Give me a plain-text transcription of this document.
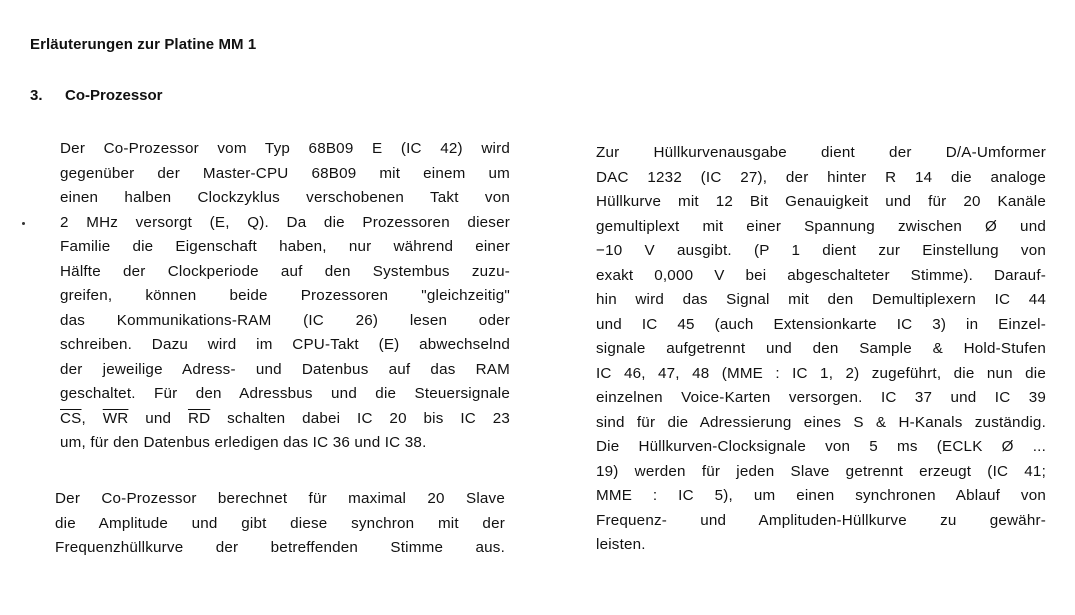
Erläuterungen zur Platine MM 1
3. Co-Prozessor
Der Co-Prozessor vom Typ 68B09 E (IC 42) wird
gegenüber der Master-CPU 68B09 mit einem um
einen halben Clockzyklus verschobenen Takt von
2 MHz versorgt (E, Q). Da die Prozessoren dieser
Familie die Eigenschaft haben, nur während einer
Hälfte der Clockperiode auf den Systembus zuzu-
greifen, können beide Prozessoren "gleichzeitig"
das Kommunikations-RAM (IC 26) lesen oder
schreiben. Dazu wird im CPU-Takt (E) abwechselnd
der jeweilige Adress- und Datenbus auf das RAM
geschaltet. Für den Adressbus und die Steuersignale
$\overline{CS}$, $\overline{WR}$ und $\overline{RD}$ schalten dabei IC 20 bis IC 23
um, für den Datenbus erledigen das IC 36 und IC 38.
Der Co-Prozessor berechnet für maximal 20 Slave
die Amplitude und gibt diese synchron mit der
Frequenzhüllkurve der betreffenden Stimme aus.
Zur Hüllkurvenausgabe dient der D/A-Umformer
DAC 1232 (IC 27), der hinter R 14 die analoge
Hüllkurve mit 12 Bit Genauigkeit und für 20 Kanäle
gemultiplext mit einer Spannung zwischen Ø und
−10 V ausgibt. (P 1 dient zur Einstellung von
exakt 0,000 V bei abgeschalteter Stimme). Darauf-
hin wird das Signal mit den Demultiplexern IC 44
und IC 45 (auch Extensionkarte IC 3) in Einzel-
signale aufgetrennt und den Sample & Hold-Stufen
IC 46, 47, 48 (MME : IC 1, 2) zugeführt, die nun die
einzelnen Voice-Karten versorgen. IC 37 und IC 39
sind für die Adressierung eines S & H-Kanals zuständig.
Die Hüllkurven-Clocksignale von 5 ms (ECLK Ø ...
19) werden für jeden Slave getrennt erzeugt (IC 41;
MME : IC 5), um einen synchronen Ablauf von
Frequenz- und Amplituden-Hüllkurve zu gewähr-
leisten.
